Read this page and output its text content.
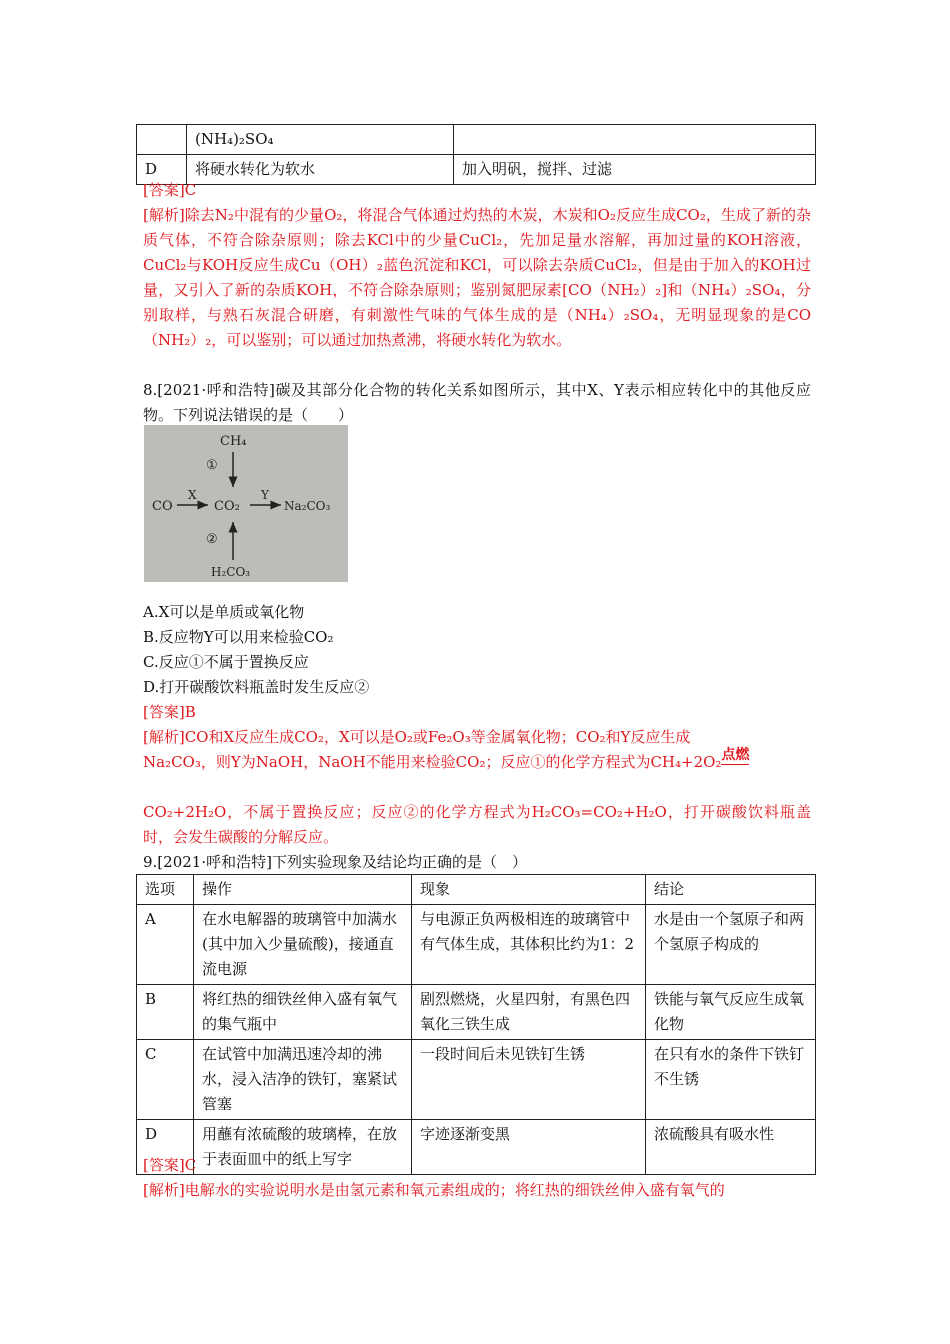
	(NH₄)₂SO₄	
D	将硬水转化为软水	加入明矾，搅拌、过滤
[答案]C
[解析]除去N₂中混有的少量O₂，将混合气体通过灼热的木炭，木炭和O₂反应生成CO₂，生成了新的杂质气体，不符合除杂原则；除去KCl中的少量CuCl₂，先加足量水溶解，再加过量的KOH溶液，CuCl₂与KOH反应生成Cu（OH）₂蓝色沉淀和KCl，可以除去杂质CuCl₂，但是由于加入的KOH过量，又引入了新的杂质KOH，不符合除杂原则；鉴别氮肥尿素[CO（NH₂）₂]和（NH₄）₂SO₄，分别取样，与熟石灰混合研磨，有刺激性气味的气体生成的是（NH₄）₂SO₄，无明显现象的是CO（NH₂）₂，可以鉴别；可以通过加热煮沸，将硬水转化为软水。
8.[2021·呼和浩特]碳及其部分化合物的转化关系如图所示，其中X、Y表示相应转化中的其他反应物。下列说法错误的是（　　）
CH₄
①
CO
X
CO₂
Y
Na₂CO₃
②
H₂CO₃
A.X可以是单质或氧化物
B.反应物Y可以用来检验CO₂
C.反应①不属于置换反应
D.打开碳酸饮料瓶盖时发生反应②
[答案]B
[解析]CO和X反应生成CO₂，X可以是O₂或Fe₂O₃等金属氧化物；CO₂和Y反应生成
Na₂CO₃，则Y为NaOH，NaOH不能用来检验CO₂；反应①的化学方程式为CH₄+2O₂点燃
CO₂+2H₂O，不属于置换反应；反应②的化学方程式为H₂CO₃=CO₂+H₂O，打开碳酸饮料瓶盖时，会发生碳酸的分解反应。
9.[2021·呼和浩特]下列实验现象及结论均正确的是（　）
选项	操作	现象	结论
A	在水电解器的玻璃管中加满水(其中加入少量硫酸)，接通直流电源	与电源正负两极相连的玻璃管中有气体生成，其体积比约为1：2	水是由一个氢原子和两个氢原子构成的
B	将红热的细铁丝伸入盛有氧气的集气瓶中	剧烈燃烧，火星四射，有黑色四氧化三铁生成	铁能与氧气反应生成氧化物
C	在试管中加满迅速冷却的沸水，浸入洁净的铁钉，塞紧试管塞	一段时间后未见铁钉生锈	在只有水的条件下铁钉不生锈
D	用蘸有浓硫酸的玻璃棒，在放于表面皿中的纸上写字	字迹逐渐变黑	浓硫酸具有吸水性
[答案]C
[解析]电解水的实验说明水是由氢元素和氧元素组成的；将红热的细铁丝伸入盛有氧气的
